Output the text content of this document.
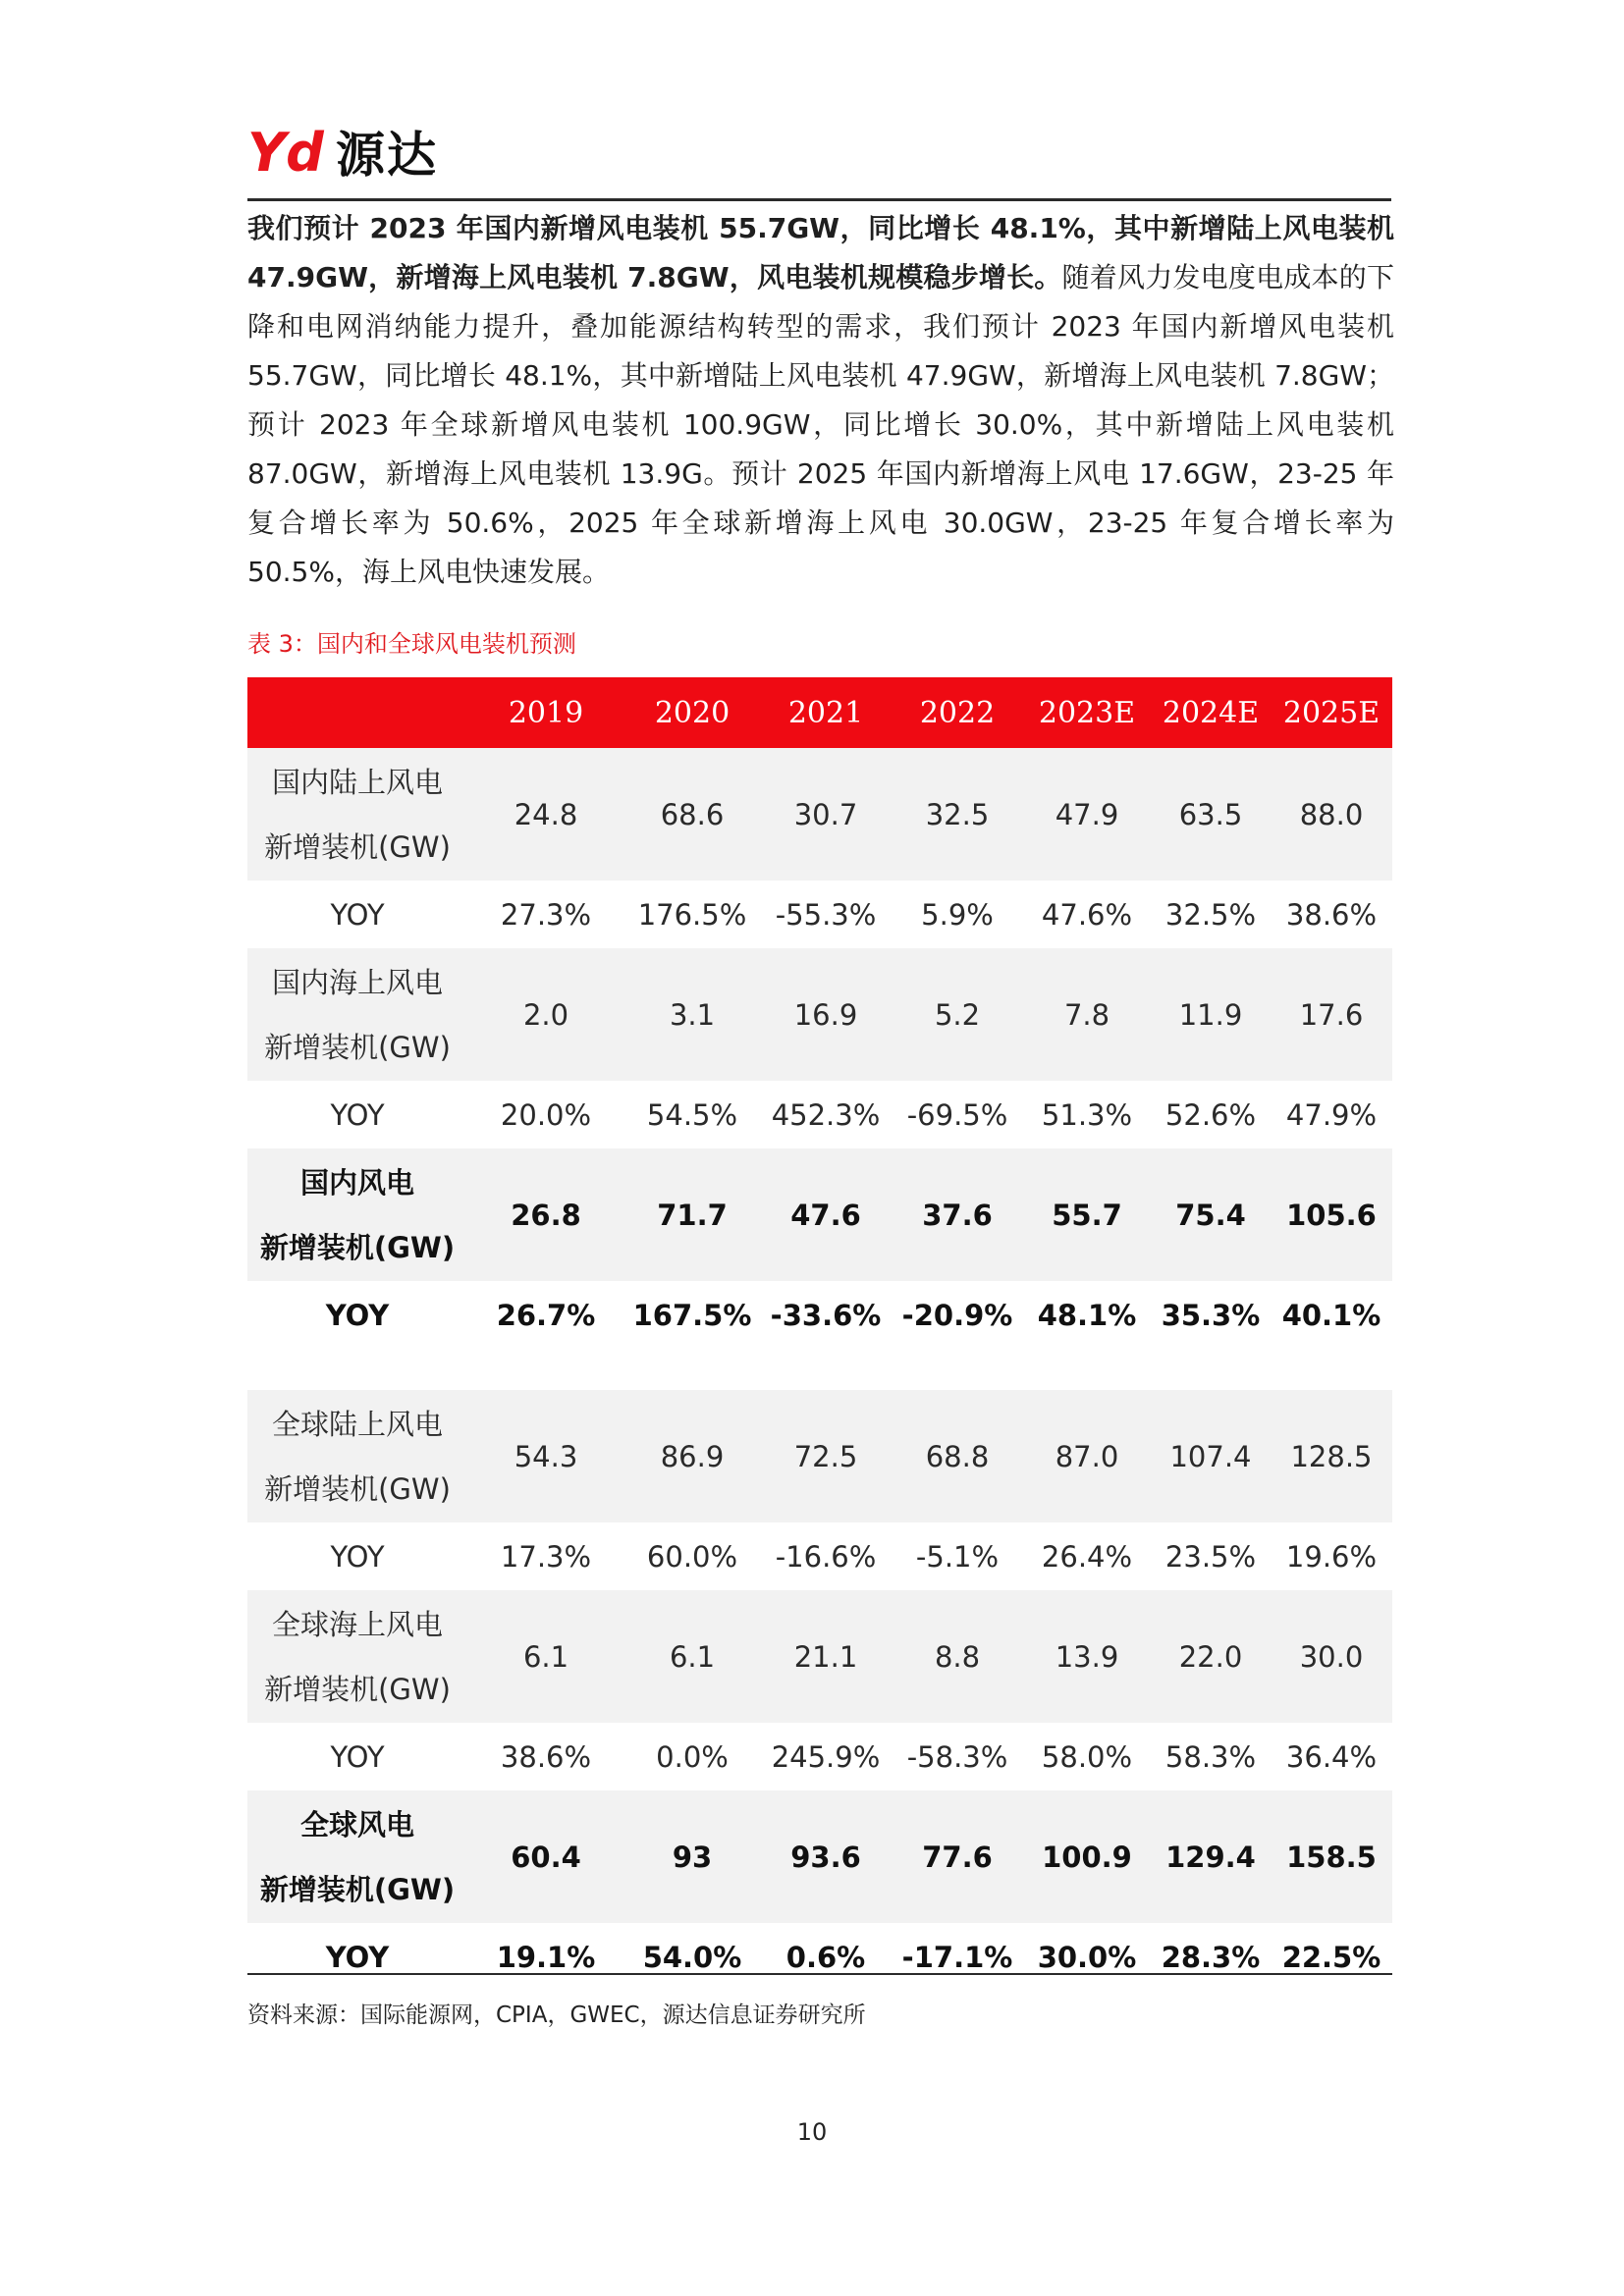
Yd 源达

我们预计 2023 年国内新增风电装机 55.7GW，同比增长 48.1%，其中新增陆上风电装机 47.9GW，新增海上风电装机 7.8GW，风电装机规模稳步增长。随着风力发电度电成本的下降和电网消纳能力提升，叠加能源结构转型的需求，我们预计 2023 年国内新增风电装机 55.7GW，同比增长 48.1%，其中新增陆上风电装机 47.9GW，新增海上风电装机 7.8GW；预计 2023 年全球新增风电装机 100.9GW，同比增长 30.0%，其中新增陆上风电装机 87.0GW，新增海上风电装机 13.9G。预计 2025 年国内新增海上风电 17.6GW，23-25 年复合增长率为 50.6%，2025 年全球新增海上风电 30.0GW，23-25 年复合增长率为 50.5%，海上风电快速发展。

表 3：国内和全球风电装机预测
	2019	2020	2021	2022	2023E	2024E	2025E

国内陆上风电
新增装机(GW)	24.8	68.6	30.7	32.5	47.9	63.5	88.0
YOY	27.3%	176.5%	-55.3%	5.9%	47.6%	32.5%	38.6%

国内海上风电
新增装机(GW)	2.0	3.1	16.9	5.2	7.8	11.9	17.6
YOY	20.0%	54.5%	452.3%	-69.5%	51.3%	52.6%	47.9%

国内风电
新增装机(GW)	26.8	71.7	47.6	37.6	55.7	75.4	105.6
YOY	26.7%	167.5%	-33.6%	-20.9%	48.1%	35.3%	40.1%

全球陆上风电
新增装机(GW)	54.3	86.9	72.5	68.8	87.0	107.4	128.5
YOY	17.3%	60.0%	-16.6%	-5.1%	26.4%	23.5%	19.6%

全球海上风电
新增装机(GW)	6.1	6.1	21.1	8.8	13.9	22.0	30.0
YOY	38.6%	0.0%	245.9%	-58.3%	58.0%	58.3%	36.4%

全球风电
新增装机(GW)	60.4	93	93.6	77.6	100.9	129.4	158.5
YOY	19.1%	54.0%	0.6%	-17.1%	30.0%	28.3%	22.5%
资料来源：国际能源网，CPIA，GWEC，源达信息证券研究所
10
